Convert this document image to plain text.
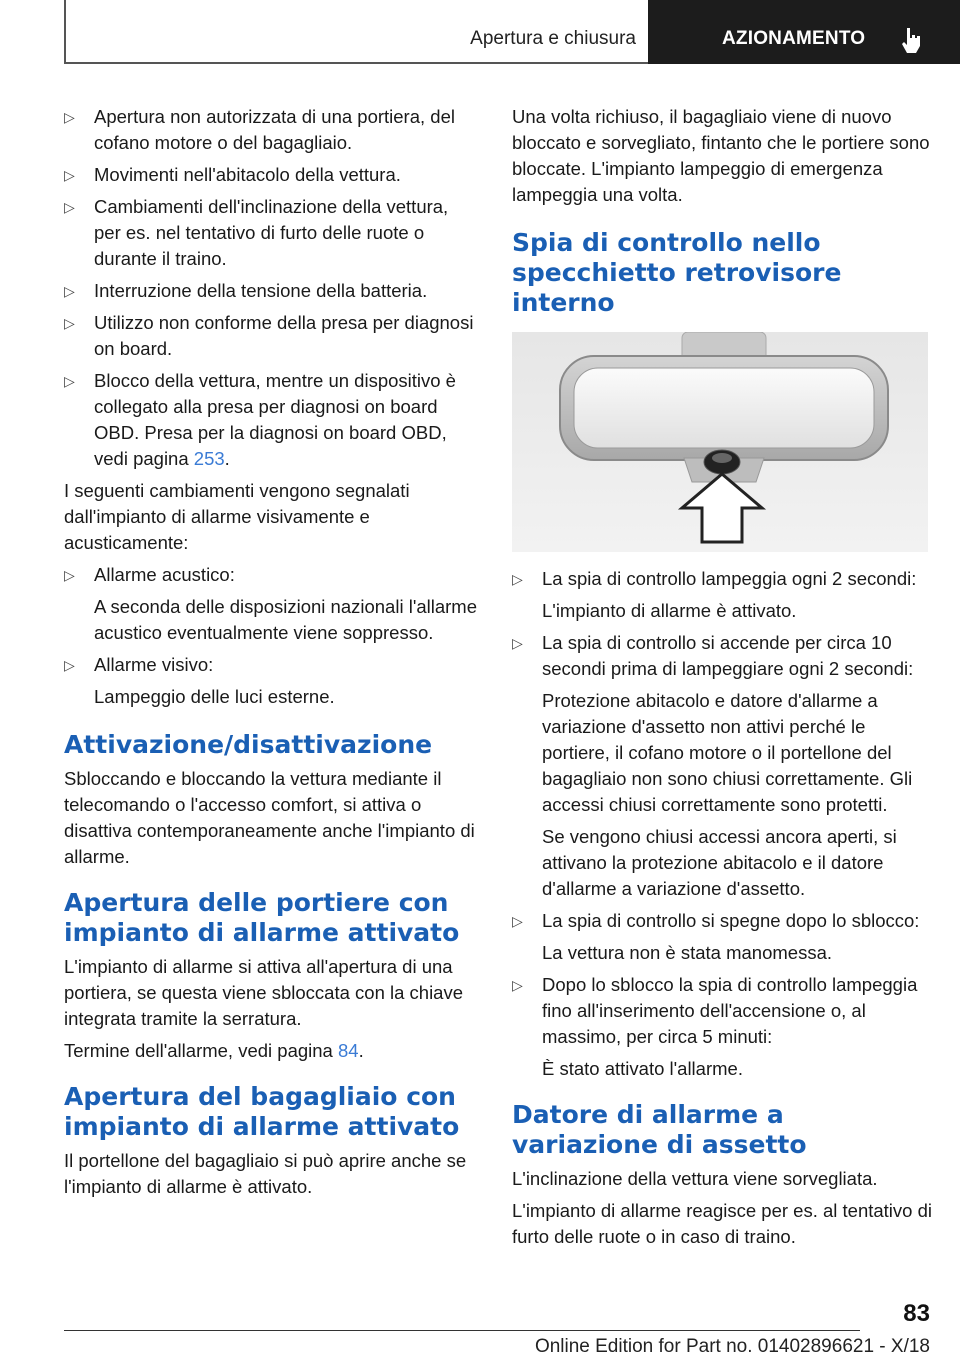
Apertura e chiusura	AZIONAMENTO
▷ Apertura non autorizzata di una portiera, del cofano motore o del bagagliaio.
▷ Movimenti nell'abitacolo della vettura.
▷ Cambiamenti dell'inclinazione della vettura, per es. nel tentativo di furto delle ruote o durante il traino.
▷ Interruzione della tensione della batteria.
▷ Utilizzo non conforme della presa per diagnosi on board.
▷ Blocco della vettura, mentre un dispositivo è collegato alla presa per diagnosi on board OBD. Presa per la diagnosi on board OBD, vedi pagina 253.

I seguenti cambiamenti vengono segnalati dall'impianto di allarme visivamente e acusticamente:

▷ Allarme acustico:
A seconda delle disposizioni nazionali l'allarme acustico eventualmente viene soppresso.
▷ Allarme visivo:
Lampeggio delle luci esterne.
Attivazione/disattivazione

Sbloccando e bloccando la vettura mediante il telecomando o l'accesso comfort, si attiva o disattiva contemporaneamente anche l'impianto di allarme.

Apertura delle portiere con impianto di allarme attivato

L'impianto di allarme si attiva all'apertura di una portiera, se questa viene sbloccata con la chiave integrata tramite la serratura.

Termine dell'allarme, vedi pagina 84.

Apertura del bagagliaio con impianto di allarme attivato

Il portellone del bagagliaio si può aprire anche se l'impianto di allarme è attivato.

Una volta richiuso, il bagagliaio viene di nuovo bloccato e sorvegliato, fintanto che le portiere sono bloccate. L'impianto lampeggio di emergenza lampeggia una volta.

Spia di controllo nello specchietto retrovisore interno
▷ La spia di controllo lampeggia ogni 2 secondi:
L'impianto di allarme è attivato.
▷ La spia di controllo si accende per circa 10 secondi prima di lampeggiare ogni 2 secondi:
Protezione abitacolo e datore d'allarme a variazione d'assetto non attivi perché le portiere, il cofano motore o il portellone del bagagliaio non sono chiusi correttamente. Gli accessi chiusi correttamente sono protetti.
Se vengono chiusi accessi ancora aperti, si attivano la protezione abitacolo e il datore d'allarme a variazione d'assetto.
▷ La spia di controllo si spegne dopo lo sblocco:
La vettura non è stata manomessa.
▷ Dopo lo sblocco la spia di controllo lampeggia fino all'inserimento dell'accensione o, al massimo, per circa 5 minuti:
È stato attivato l'allarme.
Datore di allarme a variazione di assetto

L'inclinazione della vettura viene sorvegliata.

L'impianto di allarme reagisce per es. al tentativo di furto delle ruote o in caso di traino.

83
Online Edition for Part no. 01402896621 - X/18
